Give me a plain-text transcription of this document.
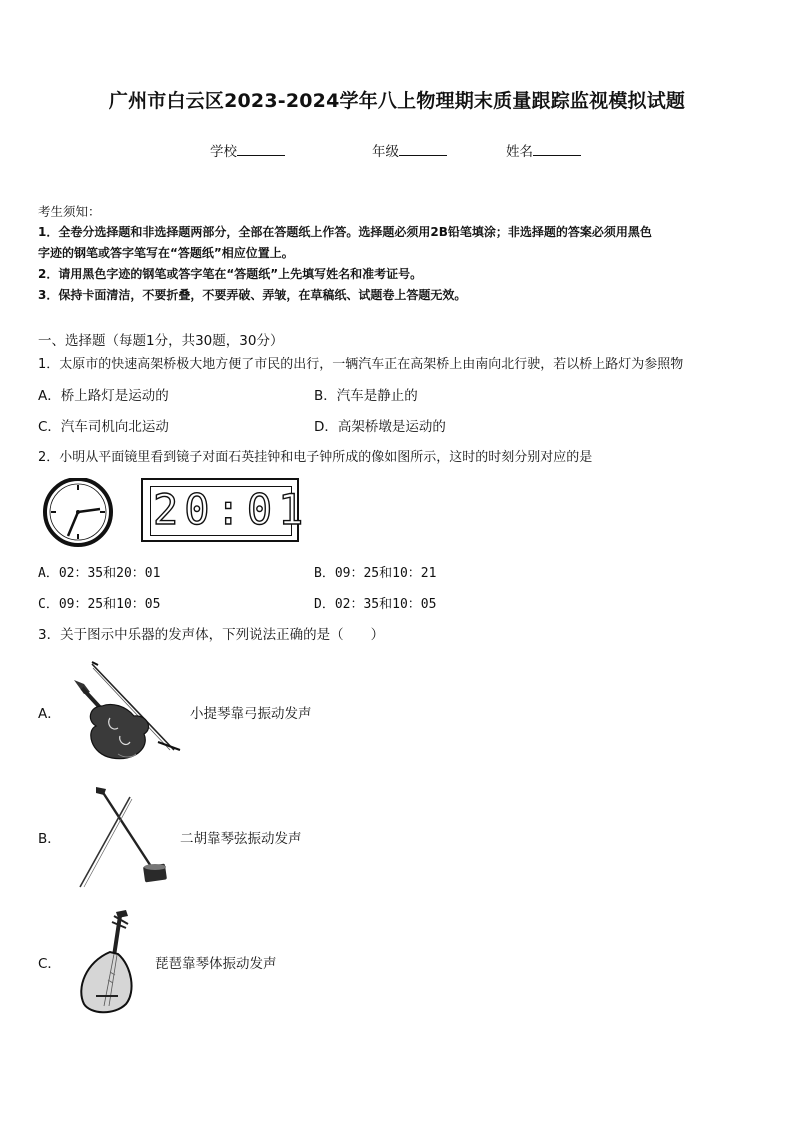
广州市白云区2023-2024学年八上物理期末质量跟踪监视模拟试题
学校	年级	姓名
考生须知：
1．全卷分选择题和非选择题两部分，全部在答题纸上作答。选择题必须用2B铅笔填涂；非选择题的答案必须用黑色
字迹的钢笔或答字笔写在“答题纸”相应位置上。
2．请用黑色字迹的钢笔或答字笔在“答题纸”上先填写姓名和准考证号。
3．保持卡面清洁，不要折叠，不要弄破、弄皱，在草稿纸、试题卷上答题无效。
一、选择题（每题1分，共30题，30分）
1．太原市的快速高架桥极大地方便了市民的出行，一辆汽车正在高架桥上由南向北行驶，若以桥上路灯为参照物
A．桥上路灯是运动的	B．汽车是静止的
C．汽车司机向北运动	D．高架桥墩是运动的
2．小明从平面镜里看到镜子对面石英挂钟和电子钟所成的像如图所示，这时的时刻分别对应的是
20:01
A．02：35和20：01	B．09：25和10：21
C．09：25和10：05	D．02：35和10：05
3．关于图示中乐器的发声体，下列说法正确的是（　　）
A．	小提琴靠弓振动发声
B．	二胡靠琴弦振动发声
C．	琵琶靠琴体振动发声
